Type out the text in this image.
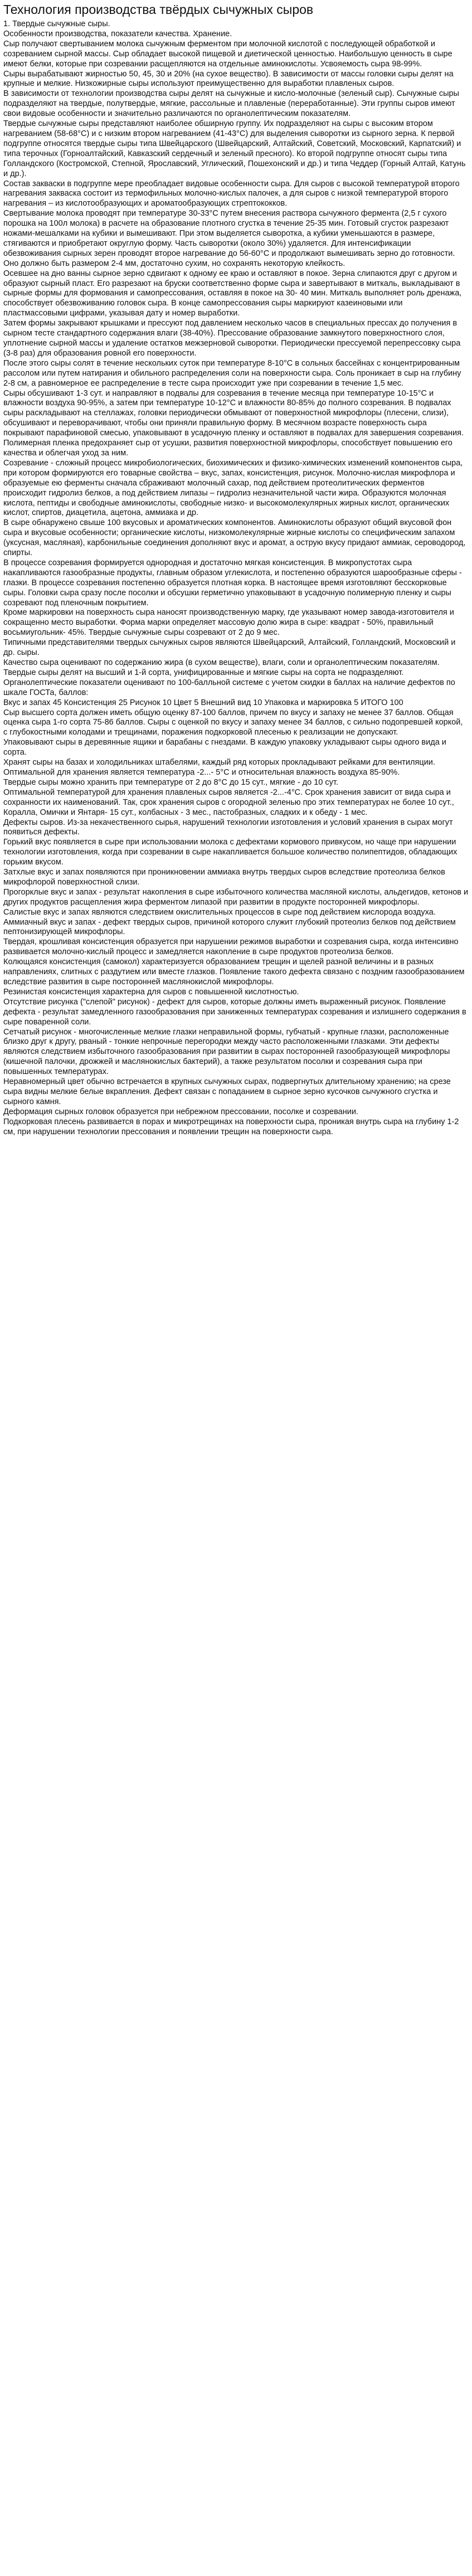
Технология производства твёрдых сычужных сыров

1. Твердые сычужные сыры.

Особенности производства, показатели качества. Хранение.

Сыр получают свертыванием молока сычужным ферментом при молочной кислотой с последующей обработкой и созреванием сырной массы. Сыр обладает высокой пищевой и диетической ценностью. Наибольшую ценность в сыре имеют белки, которые при созревании расщепляются на отдельные аминокислоты. Усвояемость сыра 98-99%.

Сыры вырабатывают жирностью 50, 45, 30 и 20% (на сухое вещество). В зависимости от массы головки сыры делят на крупные и мелкие. Низкожирные сыры используют преимущественно для выработки плавленых сыров.

В зависимости от технологии производства сыры делят на сычужные и кисло-молочные (зеленый сыр). Сычужные сыры подразделяют на твердые, полутвердые, мягкие, рассольные и плавленые (переработанные). Эти группы сыров имеют свои видовые особенности и значительно различаются по органолептическим показателям.

Твердые сычужные сыры представляют наиболее обширную группу. Их подразделяют на сыры с высоким втором нагреванием (58-68°С) и с низким втором нагреванием (41-43°С) для выделения сыворотки из сырного зерна. К первой подгруппе относятся твердые сыры типа Швейцарского (Швейцарский, Алтайский, Советский, Московский, Карпатский) и типа терочных (Горноалтайский, Кавказский сердечный и зеленый пресного). Ко второй подгруппе относят сыры типа Голландского (Костромской, Степной, Ярославский, Углический, Пошехонский и др.) и типа Чеддер (Горный Алтай, Катунь и др.).

Состав закваски в подгруппе мере преобладает видовые особенности сыра. Для сыров с высокой температурой второго нагревания закваска состоит из термофильных молочно-кислых палочек, а для сыров с низкой температурой второго нагревания – из кислотообразующих и ароматообразующих стрептококков.

Свертывание молока проводят при температуре 30-33°С путем внесения раствора сычужного фермента (2,5 г сухого порошка на 100л молока) в расчете на образование плотного сгустка в течение 25-35 мин. Готовый сгусток разрезают ножами-мешалками на кубики и вымешивают. При этом выделяется сыворотка, а кубики уменьшаются в размере, стягиваются и приобретают округлую форму. Часть сыворотки (около 30%) удаляется. Для интенсификации обезвоживания сырных зерен проводят второе нагревание до 56-60°С и продолжают вымешивать зерно до готовности. Оно должно быть размером 2-4 мм, достаточно сухим, но сохранять некоторую клейкость.

Осевшее на дно ванны сырное зерно сдвигают к одному ее краю и оставляют в покое. Зерна слипаются друг с другом и образуют сырный пласт. Его разрезают на бруски соответственно форме сыра и завертывают в миткаль, выкладывают в сырные формы для формования и самопрессования, оставляя в покое на 30- 40 мин. Миткаль выполняет роль дренажа, способствует обезвоживанию головок сыра. В конце самопрессования сыры маркируют казеиновыми или пластмассовыми цифрами, указывая дату и номер выработки.

Затем формы закрывают крышками и прессуют под давлением несколько часов в специальных прессах до получения в сырном тесте стандартного содержания влаги (38-40%). Прессование образование замкнутого поверхностного слоя, уплотнение сырной массы и удаление остатков межзерновой сыворотки. Периодически прессуемой перепрессовку сыра (3-8 раз) для образования ровной его поверхности.

После этого сыры солят в течение нескольких суток при температуре 8-10°С в сольных бассейнах с концентрированным рассолом или путем натирания и обильного распределения соли на поверхности сыра. Соль проникает в сыр на глубину 2-8 см, а равномерное ее распределение в тесте сыра происходит уже при созревании в течение 1,5 мес.

Сыры обсушивают 1-3 сут. и направляют в подвалы для созревания в течение месяца при температуре 10-15°С и влажности воздуха 90-95%, а затем при температуре 10-12°С и влажности 80-85% до полного созревания. В подвалах сыры раскладывают на стеллажах, головки периодически обмывают от поверхностной микрофлоры (плесени, слизи), обсушивают и переворачивают, чтобы они приняли правильную форму. В месячном возрасте поверхность сыра покрывают парафиновой смесью, упаковывают в усадочную пленку и оставляют в подвалах для завершения созревания. Полимерная пленка предохраняет сыр от усушки, развития поверхностной микрофлоры, способствует повышению его качества и облегчая уход за ним.

Созревание - сложный процесс микробиологических, биохимических и физико-химических изменений компонентов сыра, при котором формируются его товарные свойства – вкус, запах, консистенция, рисунок. Молочно-кислая микрофлора и образуемые ею ферменты сначала сбраживают молочный сахар, под действием протеолитических ферментов происходит гидролиз белков, а под действием липазы – гидролиз незначительной части жира. Образуются молочная кислота, пептиды и свободные аминокислоты, свободные низко- и высокомолекулярных жирных кислот, органических кислот, спиртов, диацетила, ацетона, аммиака и др.

В сыре обнаружено свыше 100 вкусовых и ароматических компонентов. Аминокислоты образуют общий вкусовой фон сыра и вкусовые особенности; органические кислоты, низкомолекулярные жирные кислоты со специфическим запахом (уксусная, масляная), карбонильные соединения дополняют вкус и аромат, а острую вкусу придают аммиак, сероводород, спирты.

В процессе созревания формируется однородная и достаточно мягкая консистенция. В микропустотах сыра накапливаются газообразные продукты, главным образом углекислота, и постепенно образуются шарообразные сферы - глазки. В процессе созревания постепенно образуется плотная корка. В настоящее время изготовляют бесскорковые сыры. Головки сыра сразу после посолки и обсушки герметично упаковывают в усадочную полимерную пленку и сыры созревают под пленочным покрытием.

Кроме маркировки на поверхность сыра наносят производственную марку, где указывают номер завода-изготовителя и сокращенно место выработки. Форма марки определяет массовую долю жира в сыре: квадрат - 50%, правильный восьмиугольник- 45%. Твердые сычужные сыры созревают от 2 до 9 мес.

Типичными представителями твердых сычужных сыров являются Швейцарский, Алтайский, Голландский, Московский и др. сыры.

Качество сыра оценивают по содержанию жира (в сухом веществе), влаги, соли и органолептическим показателям. Твердые сыры делят на высший и 1-й сорта, унифицированные и мягкие сыры на сорта не подразделяют. Органолептические показатели оценивают по 100-балльной системе с учетом скидки в баллах на наличие дефектов по шкале ГОСТа, баллов:

Вкус и запах 45 Консистенция 25 Рисунок 10 Цвет 5 Внешний вид 10 Упаковка и маркировка 5 ИТОГО 100

Сыр высшего сорта должен иметь общую оценку 87-100 баллов, причем по вкусу и запаху не менее 37 баллов. Общая оценка сыра 1-го сорта 75-86 баллов. Сыры с оценкой по вкусу и запаху менее 34 баллов, с сильно подопревшей коркой, с глубокостными колодами и трещинами, поражения подкорковой плесенью к реализации не допускают.

Упаковывают сыры в деревянные ящики и барабаны с гнездами. В каждую упаковку укладывают сыры одного вида и сорта.

Хранят сыры на базах и холодильниках штабелями, каждый ряд которых прокладывают рейками для вентиляции. Оптимальной для хранения является температура -2...- 5°С и относительная влажность воздуха 85-90%.

Твердые сыры можно хранить при температуре от 2 до 8°С до 15 сут., мягкие - до 10 сут.

Оптимальной температурой для хранения плавленых сыров является -2...-4°С. Срок хранения зависит от вида сыра и сохранности их наименований. Так, срок хранения сыров с огородной зеленью про этих температурах не более 10 сут., Коралла, Омички и Янтаря- 15 сут., колбасных - 3 мес., пастобразных, сладких и к обеду - 1 мес.

Дефекты сыров. Из-за некачественного сырья, нарушений технологии изготовления и условий хранения в сырах могут появиться дефекты.

Горький вкус появляется в сыре при использовании молока с дефектами кормового привкусом, но чаще при нарушении технологии изготовления, когда при созревании в сыре накапливается большое количество полипептидов, обладающих горьким вкусом.

Затхлые вкус и запах появляются при проникновении аммиака внутрь твердых сыров вследствие протеолиза белков микрофлорой поверхностной слизи.

Прогорклые вкус и запах - результат накопления в сыре избыточного количества масляной кислоты, альдегидов, кетонов и других продуктов расщепления жира ферментом липазой при развитии в продукте посторонней микрофлоры.

Салистые вкус и запах являются следствием окислительных процессов в сыре под действием кислорода воздуха.

Аммиачный вкус и запах - дефект твердых сыров, причиной которого служит глубокий протеолиз белков под действием пептонизирующей микрофлоры.

Твердая, крошливая консистенция образуется при нарушении режимов выработки и созревания сыра, когда интенсивно развивается молочно-кислый процесс и замедляется накопление в сыре продуктов протеолиза белков.

Колющаяся консистенция (самокол) характеризуется образованием трещин и щелей разной величины и в разных направлениях, слитных с раздутием или вместе глазков. Появление такого дефекта связано с поздним газообразованием вследствие развития в сыре посторонней маслянокислой микрофлоры.

Резинистая консистенция характерна для сыров с повышенной кислотностью.

Отсутствие рисунка ("слепой" рисунок) - дефект для сыров, которые должны иметь выраженный рисунок. Появление дефекта - результат замедленного газообразования при заниженных температурах созревания и излишнего содержания в сыре поваренной соли.

Сетчатый рисунок - многочисленные мелкие глазки неправильной формы, губчатый - крупные глазки, расположенные близко друг к другу, рваный - тонкие непрочные перегородки между часто расположенными глазками. Эти дефекты являются следствием избыточного газообразования при развитии в сырах посторонней газообразующей микрофлоры (кишечной палочки, дрожжей и маслянокислых бактерий), а также результатом посолки и созревания сыра при повышенных температурах.

Неравномерный цвет обычно встречается в крупных сычужных сырах, подвергнутых длительному хранению; на срезе сыра видны мелкие белые вкрапления. Дефект связан с попаданием в сырное зерно кусочков сычужного сгустка и сырного камня.

Деформация сырных головок образуется при небрежном прессовании, посолке и созревании.

Подкорковая плесень развивается в порах и микротрещинах на поверхности сыра, проникая внутрь сыра на глубину 1-2 см, при нарушении технологии прессования и появлении трещин на поверхности сыра.
